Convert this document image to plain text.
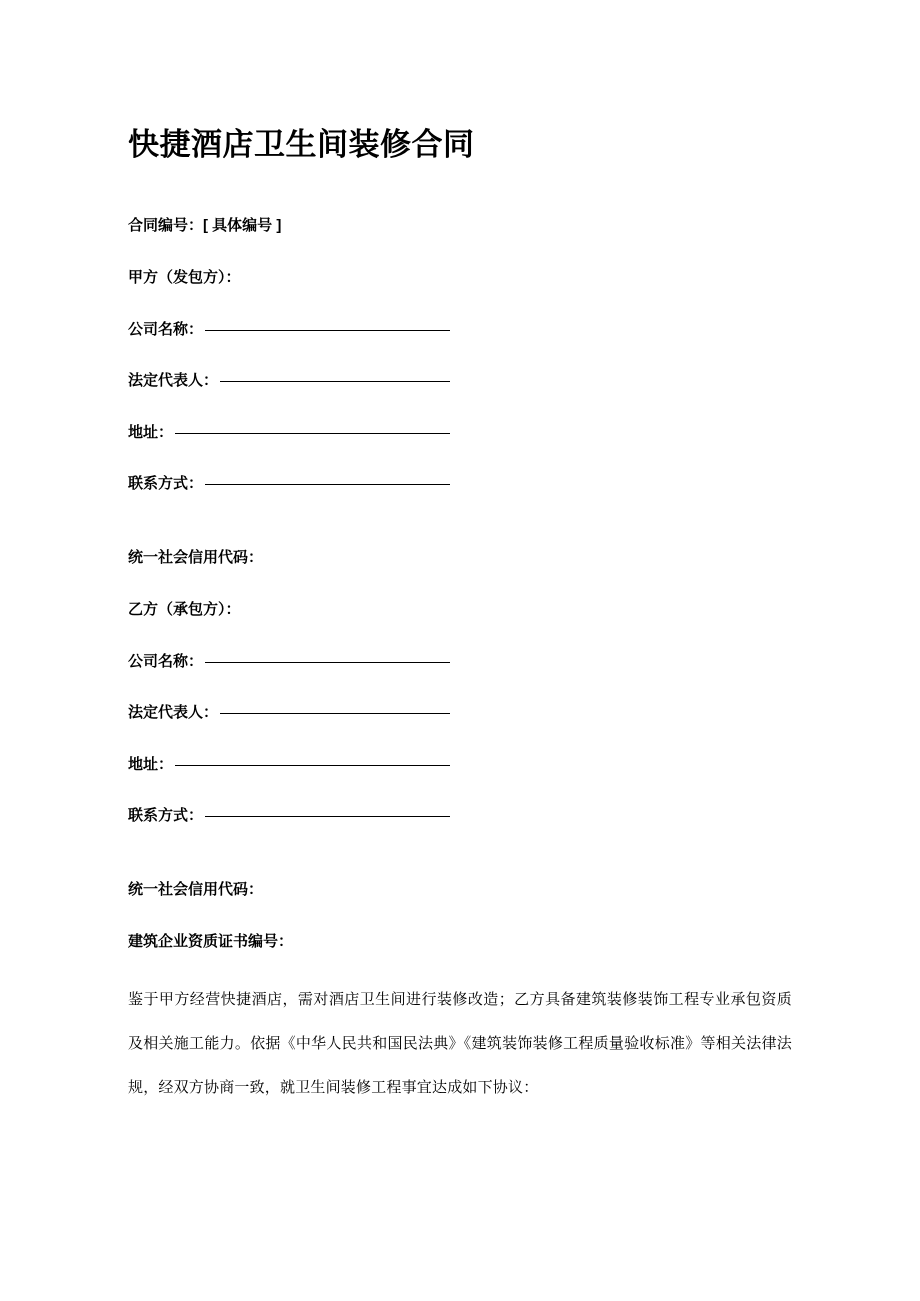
快捷酒店卫生间装修合同

合同编号：[ 具体编号 ]

甲方（发包方）：

公司名称：
法定代表人：
地址：
联系方式：

统一社会信用代码：

乙方（承包方）：

公司名称：
法定代表人：
地址：
联系方式：

统一社会信用代码：

建筑企业资质证书编号：

鉴于甲方经营快捷酒店，需对酒店卫生间进行装修改造；乙方具备建筑装修装饰工程专业承包资质及相关施工能力。依据《中华人民共和国民法典》《建筑装饰装修工程质量验收标准》等相关法律法规，经双方协商一致，就卫生间装修工程事宜达成如下协议：
